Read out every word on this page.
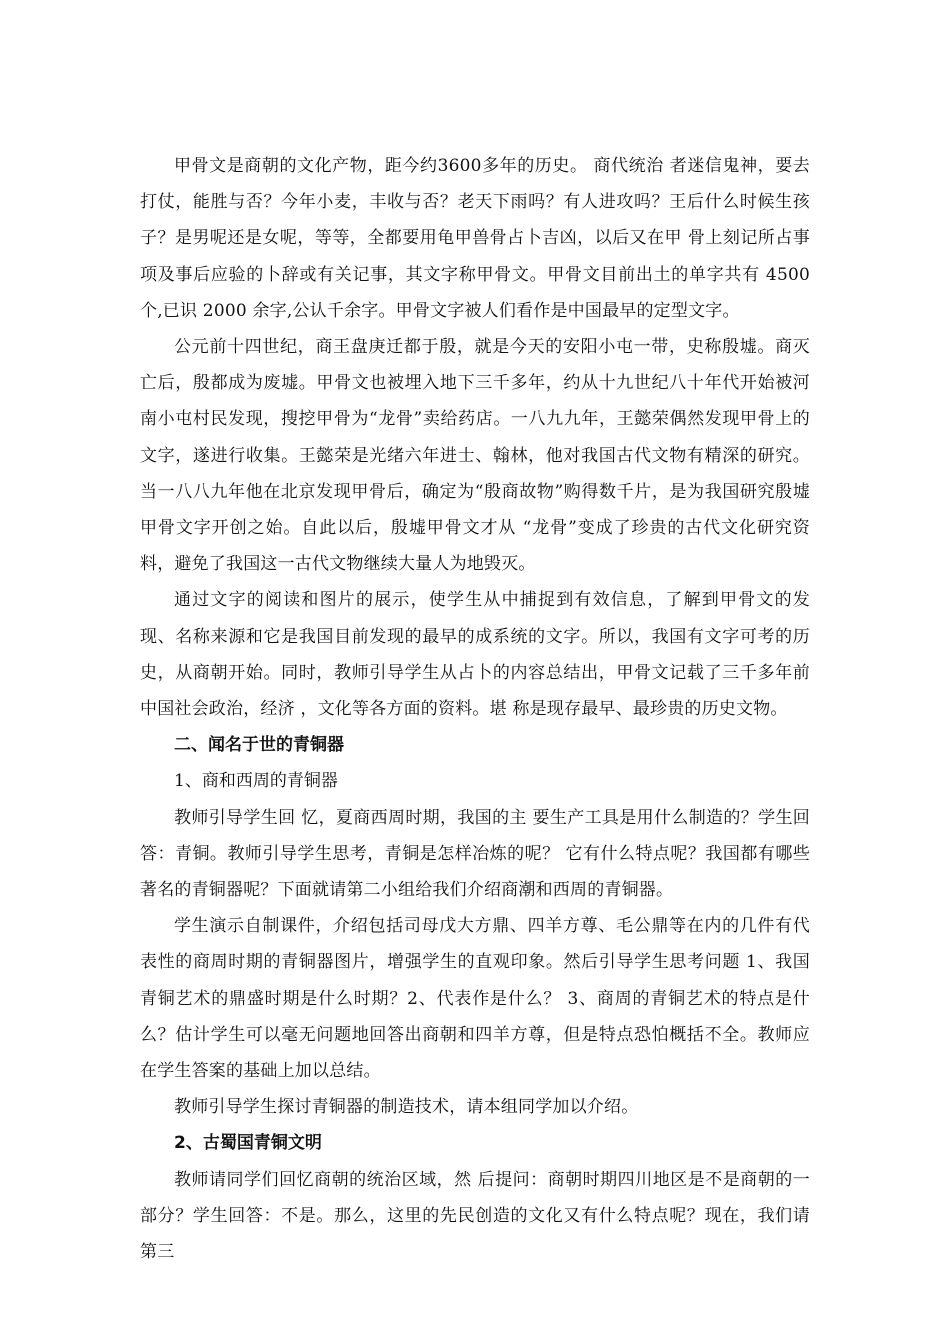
甲骨文是商朝的文化产物，距今约3600多年的历史。 商代统治 者迷信鬼神，要去打仗，能胜与否？今年小麦，丰收与否？老天下雨吗？有人进攻吗？王后什么时候生孩子？是男呢还是女呢，等等，全都要用龟甲兽骨占卜吉凶，以后又在甲 骨上刻记所占事项及事后应验的卜辞或有关记事，其文字称甲骨文。甲骨文目前出土的单字共有 4500 个,已识 2000 余字,公认千余字。甲骨文字被人们看作是中国最早的定型文字。

公元前十四世纪，商王盘庚迁都于殷，就是今天的安阳小屯一带，史称殷墟。商灭亡后，殷都成为废墟。甲骨文也被埋入地下三千多年，约从十九世纪八十年代开始被河南小屯村民发现，搜挖甲骨为“龙骨”卖给药店。一八九九年，王懿荣偶然发现甲骨上的文字，遂进行收集。王懿荣是光绪六年进士、翰林，他对我国古代文物有精深的研究。当一八八九年他在北京发现甲骨后，确定为“殷商故物”购得数千片，是为我国研究殷墟甲骨文字开创之始。自此以后，殷墟甲骨文才从 “龙骨”变成了珍贵的古代文化研究资料，避免了我国这一古代文物继续大量人为地毁灭。

通过文字的阅读和图片的展示，使学生从中捕捉到有效信息，了解到甲骨文的发现、名称来源和它是我国目前发现的最早的成系统的文字。所以，我国有文字可考的历史，从商朝开始。同时，教师引导学生从占卜的内容总结出，甲骨文记载了三千多年前中国社会政治，经济 ，文化等各方面的资料。堪 称是现存最早、最珍贵的历史文物。

二、闻名于世的青铜器

1、商和西周的青铜器

教师引导学生回 忆，夏商西周时期，我国的主 要生产工具是用什么制造的？学生回答：青铜。教师引导学生思考，青铜是怎样冶炼的呢？ 它有什么特点呢？我国都有哪些著名的青铜器呢？下面就请第二小组给我们介绍商潮和西周的青铜器。

学生演示自制课件，介绍包括司母戊大方鼎、四羊方尊、毛公鼎等在内的几件有代表性的商周时期的青铜器图片，增强学生的直观印象。然后引导学生思考问题 1、我国青铜艺术的鼎盛时期是什么时期？2、代表作是什么？ 3、商周的青铜艺术的特点是什么？估计学生可以毫无问题地回答出商朝和四羊方尊，但是特点恐怕概括不全。教师应在学生答案的基础上加以总结。

教师引导学生探讨青铜器的制造技术，请本组同学加以介绍。

2、古蜀国青铜文明

教师请同学们回忆商朝的统治区域，然 后提问：商朝时期四川地区是不是商朝的一部分？学生回答：不是。那么，这里的先民创造的文化又有什么特点呢？现在，我们请第三
